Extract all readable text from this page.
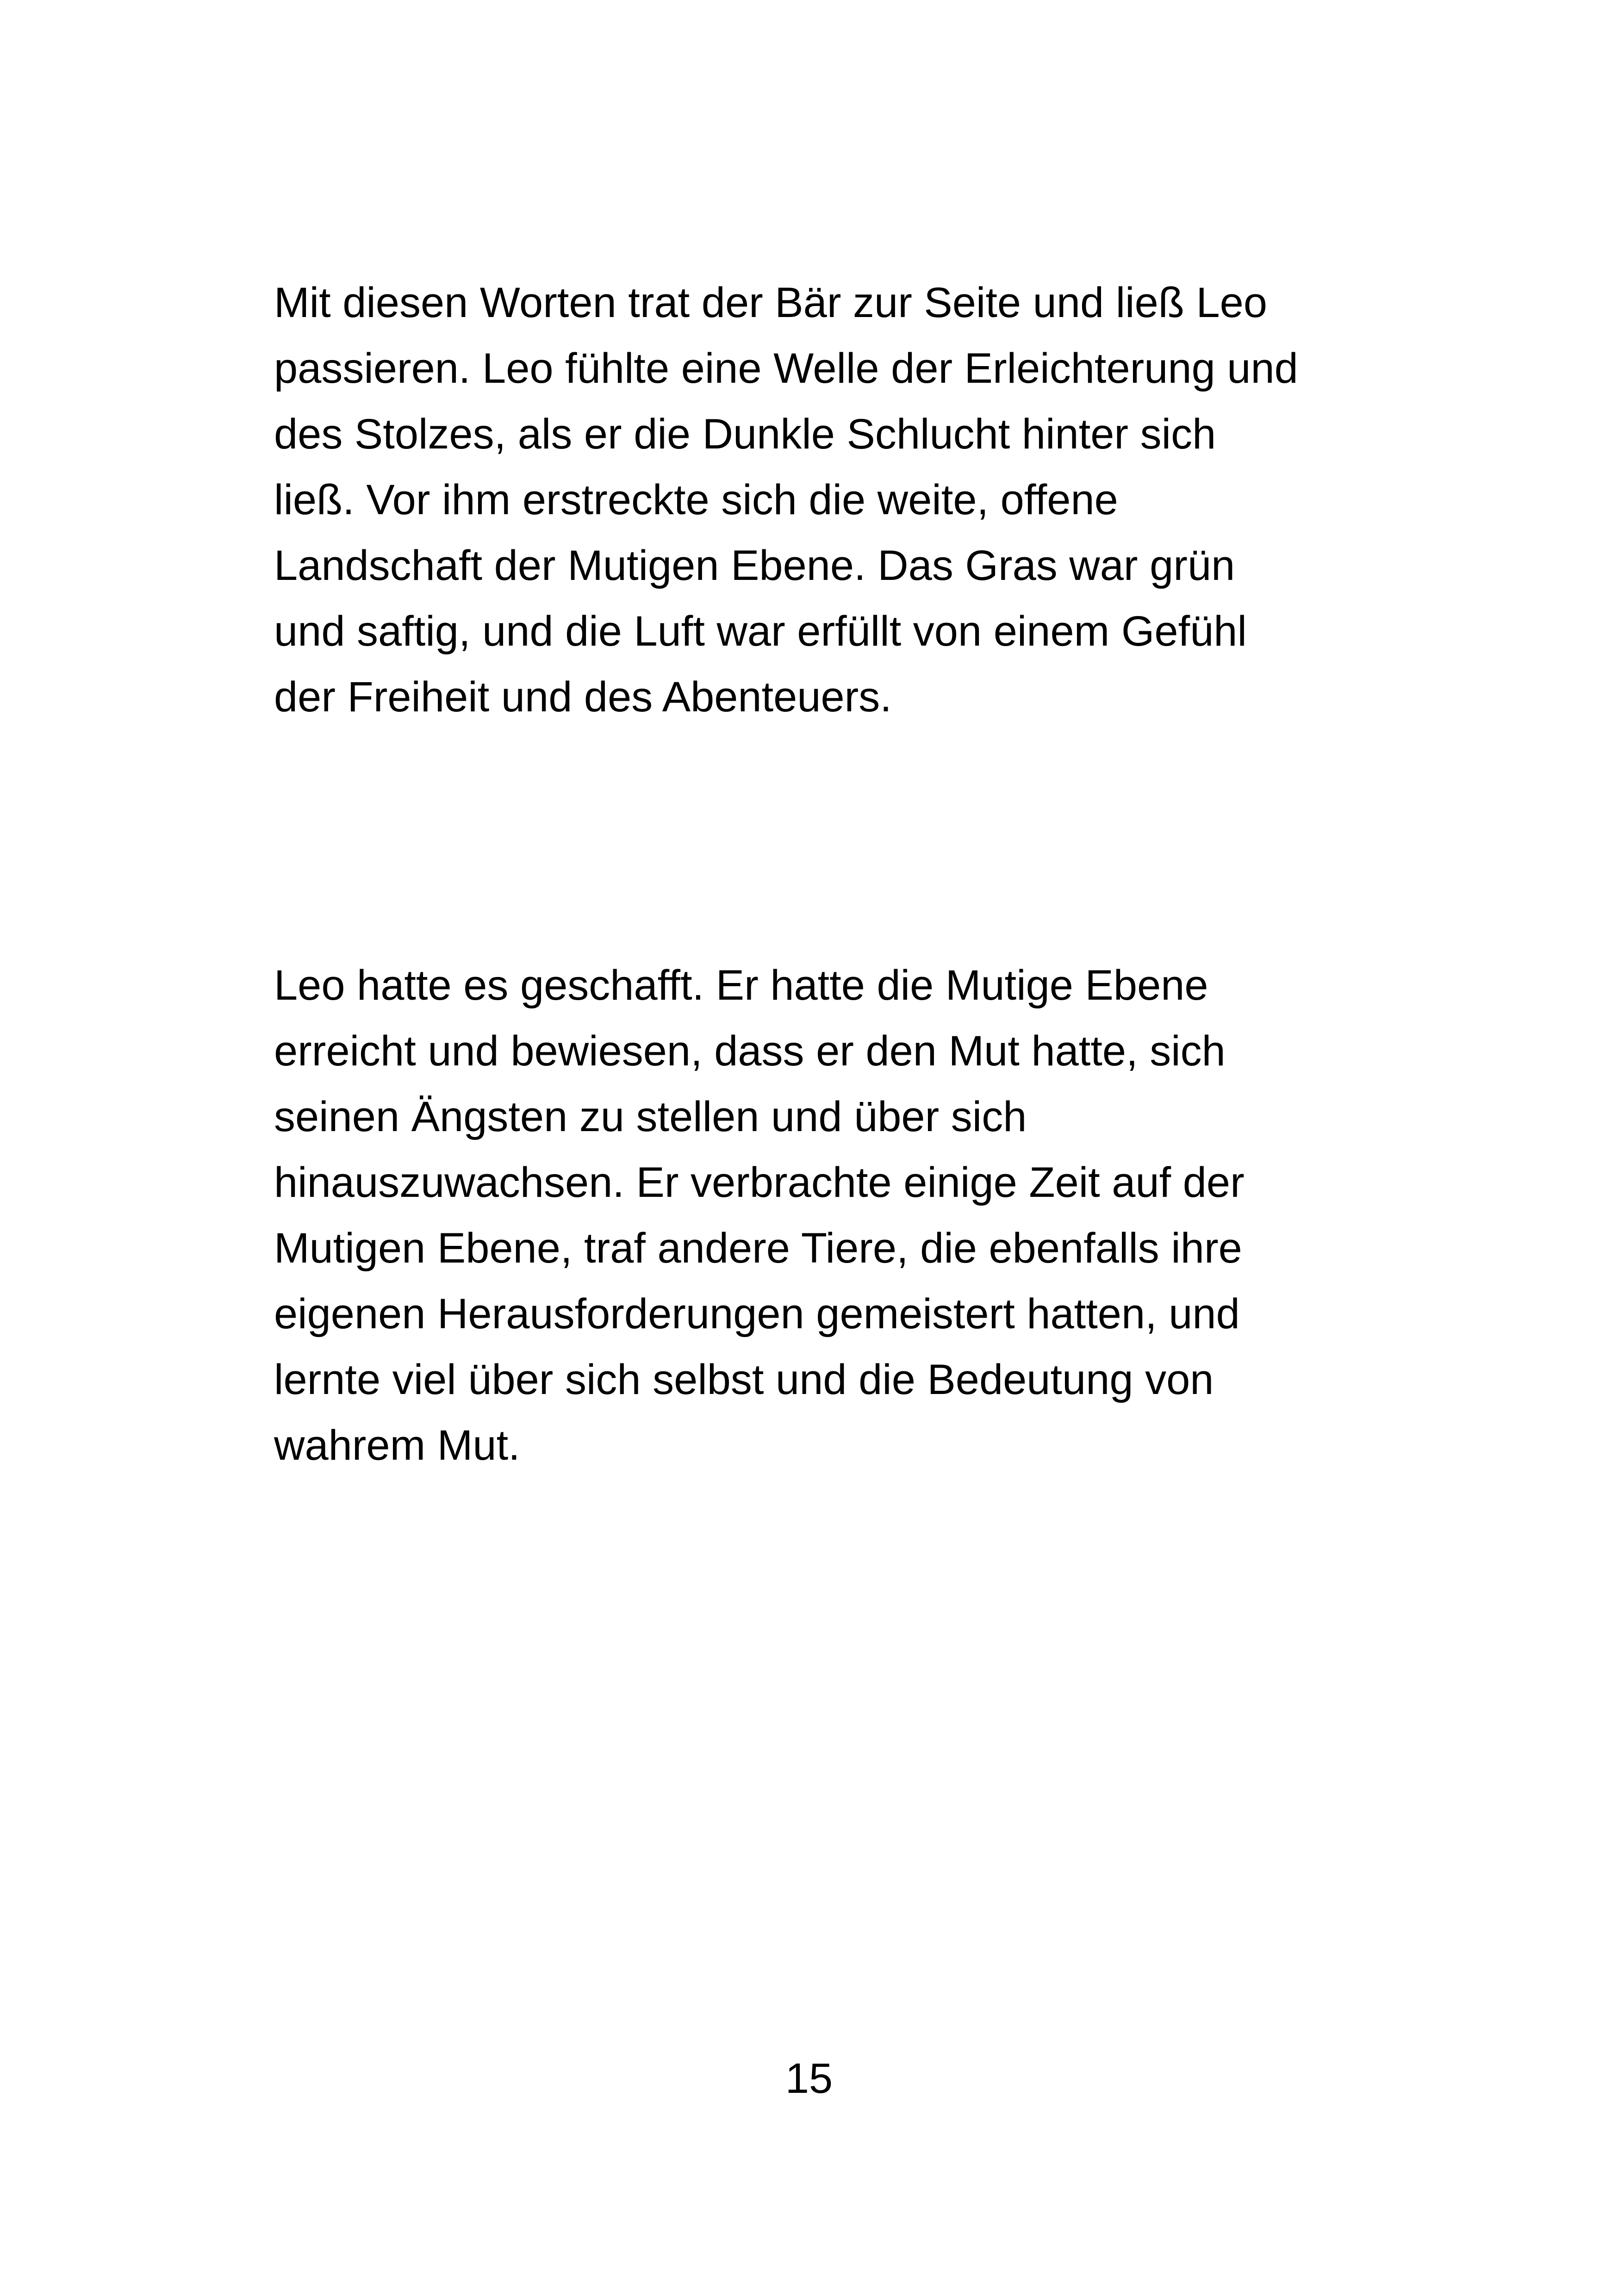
Mit diesen Worten trat der Bär zur Seite und ließ Leo
passieren. Leo fühlte eine Welle der Erleichterung und
des Stolzes, als er die Dunkle Schlucht hinter sich
ließ. Vor ihm erstreckte sich die weite, offene
Landschaft der Mutigen Ebene. Das Gras war grün
und saftig, und die Luft war erfüllt von einem Gefühl
der Freiheit und des Abenteuers.

Leo hatte es geschafft. Er hatte die Mutige Ebene
erreicht und bewiesen, dass er den Mut hatte, sich
seinen Ängsten zu stellen und über sich
hinauszuwachsen. Er verbrachte einige Zeit auf der
Mutigen Ebene, traf andere Tiere, die ebenfalls ihre
eigenen Herausforderungen gemeistert hatten, und
lernte viel über sich selbst und die Bedeutung von
wahrem Mut.

15
